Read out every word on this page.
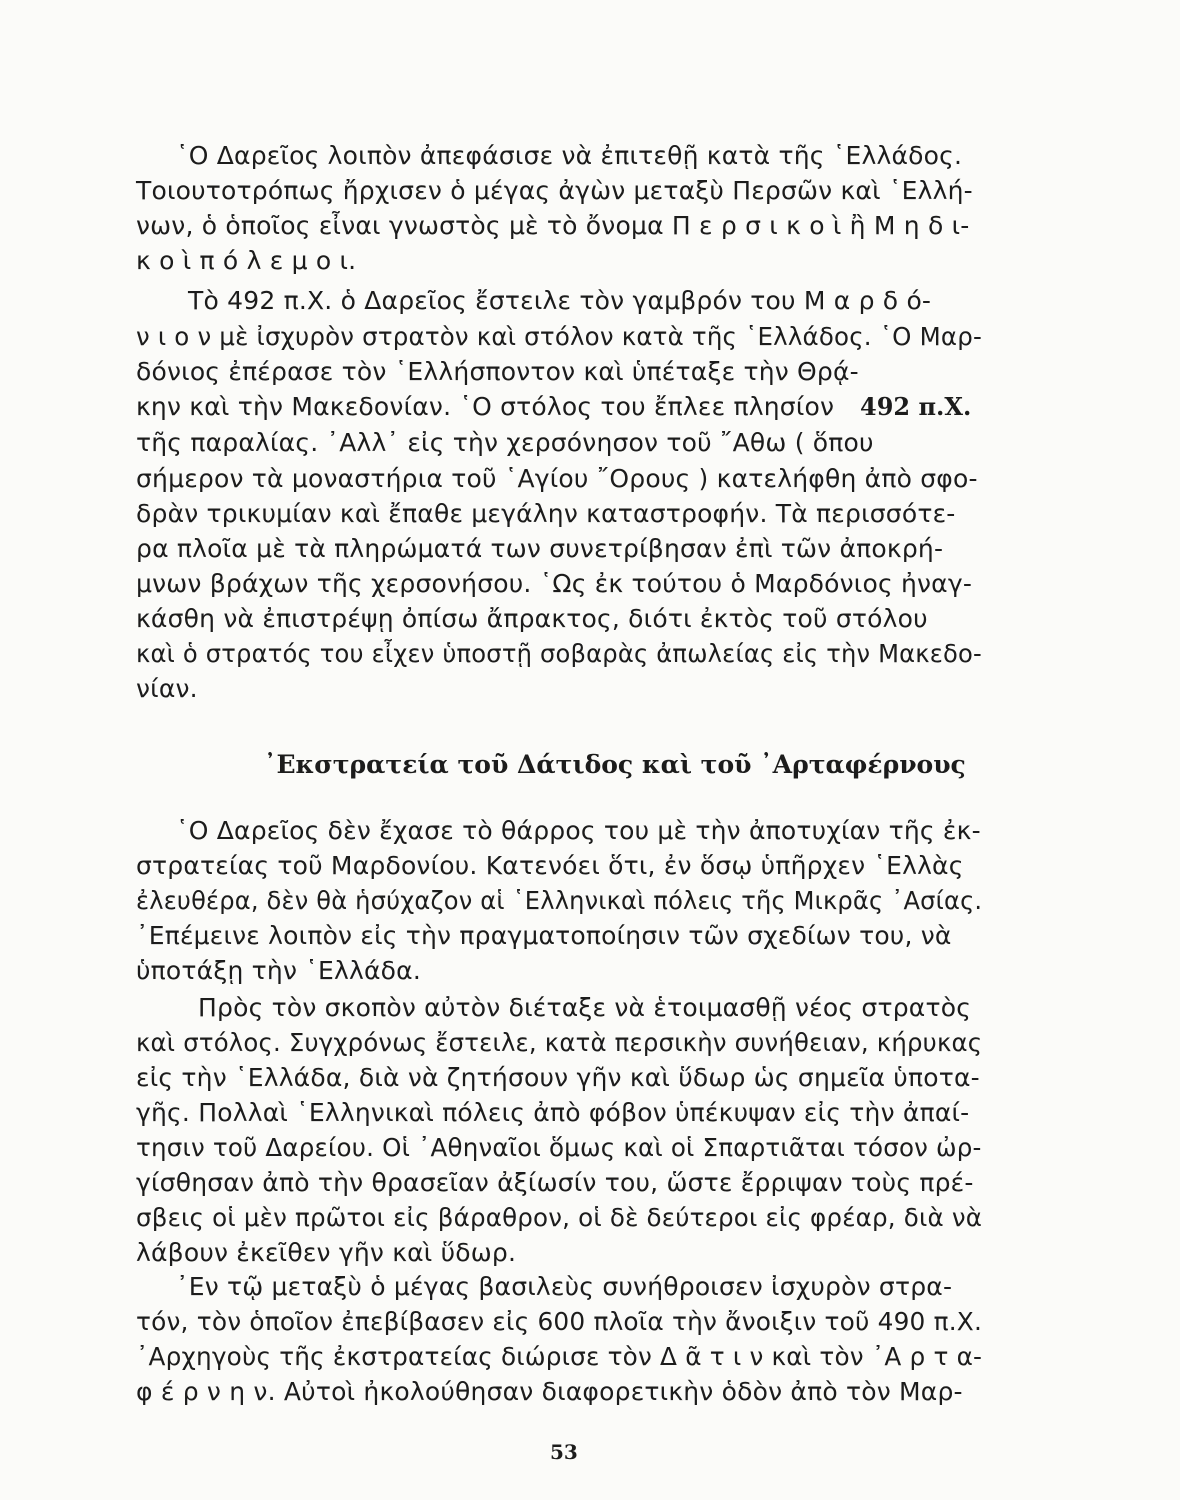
῾Ο Δαρεῖος λοιπὸν ἀπεφάσισε νὰ ἐπιτεθῇ κατὰ τῆς ῾Ελλάδος.
Τοιουτοτρόπως ἤρχισεν ὁ μέγας ἀγὼν μεταξὺ Περσῶν καὶ ῾Ελλή-
νων, ὁ ὁποῖος εἶναι γνωστὸς μὲ τὸ ὄνομα Π ε ρ σ ι κ ο ὶ ἢ Μ η δ ι-
κ ο ὶ π ό λ ε μ ο ι.
Τὸ 492 π.Χ. ὁ Δαρεῖος ἔστειλε τὸν γαμβρόν του Μ α ρ δ ό-
ν ι ο ν μὲ ἰσχυρὸν στρατὸν καὶ στόλον κατὰ τῆς ῾Ελλάδος. ῾Ο Μαρ-
δόνιος ἐπέρασε τὸν ῾Ελλήσποντον καὶ ὑπέταξε τὴν Θρᾴ-
κην καὶ τὴν Μακεδονίαν. ῾Ο στόλος του ἔπλεε πλησίον
τῆς παραλίας. ᾽Αλλ᾽ εἰς τὴν χερσόνησον τοῦ ῎Αθω ( ὅπου
σήμερον τὰ μοναστήρια τοῦ ῾Αγίου ῎Ορους ) κατελήφθη ἀπὸ σφο-
δρὰν τρικυμίαν καὶ ἔπαθε μεγάλην καταστροφήν. Τὰ περισσότε-
ρα πλοῖα μὲ τὰ πληρώματά των συνετρίβησαν ἐπὶ τῶν ἀποκρή-
μνων βράχων τῆς χερσονήσου. ῾Ως ἐκ τούτου ὁ Μαρδόνιος ἠναγ-
κάσθη νὰ ἐπιστρέψῃ ὀπίσω ἄπρακτος, διότι ἐκτὸς τοῦ στόλου
καὶ ὁ στρατός του εἶχεν ὑποστῇ σοβαρὰς ἀπωλείας εἰς τὴν Μακεδο-
νίαν.
492 π.Χ.
᾽Εκστρατεία τοῦ Δάτιδος καὶ τοῦ ᾽Αρταφέρνους
῾Ο Δαρεῖος δὲν ἔχασε τὸ θάρρος του μὲ τὴν ἀποτυχίαν τῆς ἐκ-
στρατείας τοῦ Μαρδονίου. Κατενόει ὅτι, ἐν ὅσῳ ὑπῆρχεν ῾Ελλὰς
ἐλευθέρα, δὲν θὰ ἡσύχαζον αἱ ῾Ελληνικαὶ πόλεις τῆς Μικρᾶς ᾽Ασίας.
᾽Επέμεινε λοιπὸν εἰς τὴν πραγματοποίησιν τῶν σχεδίων του, νὰ
ὑποτάξῃ τὴν ῾Ελλάδα.
Πρὸς τὸν σκοπὸν αὐτὸν διέταξε νὰ ἑτοιμασθῇ νέος στρατὸς
καὶ στόλος. Συγχρόνως ἔστειλε, κατὰ περσικὴν συνήθειαν, κήρυκας
εἰς τὴν ῾Ελλάδα, διὰ νὰ ζητήσουν γῆν καὶ ὕδωρ ὡς σημεῖα ὑποτα-
γῆς. Πολλαὶ ῾Ελληνικαὶ πόλεις ἀπὸ φόβον ὑπέκυψαν εἰς τὴν ἀπαί-
τησιν τοῦ Δαρείου. Οἱ ᾽Αθηναῖοι ὅμως καὶ οἱ Σπαρτιᾶται τόσον ὠρ-
γίσθησαν ἀπὸ τὴν θρασεῖαν ἀξίωσίν του, ὥστε ἔρριψαν τοὺς πρέ-
σβεις οἱ μὲν πρῶτοι εἰς βάραθρον, οἱ δὲ δεύτεροι εἰς φρέαρ, διὰ νὰ
λάβουν ἐκεῖθεν γῆν καὶ ὕδωρ.
᾽Εν τῷ μεταξὺ ὁ μέγας βασιλεὺς συνήθροισεν ἰσχυρὸν στρα-
τόν, τὸν ὁποῖον ἐπεβίβασεν εἰς 600 πλοῖα τὴν ἄνοιξιν τοῦ 490 π.Χ.
᾽Αρχηγοὺς τῆς ἐκστρατείας διώρισε τὸν Δ ᾶ τ ι ν καὶ τὸν ᾽Α ρ τ α-
φ έ ρ ν η ν. Αὐτοὶ ἠκολούθησαν διαφορετικὴν ὁδὸν ἀπὸ τὸν Μαρ-
53
